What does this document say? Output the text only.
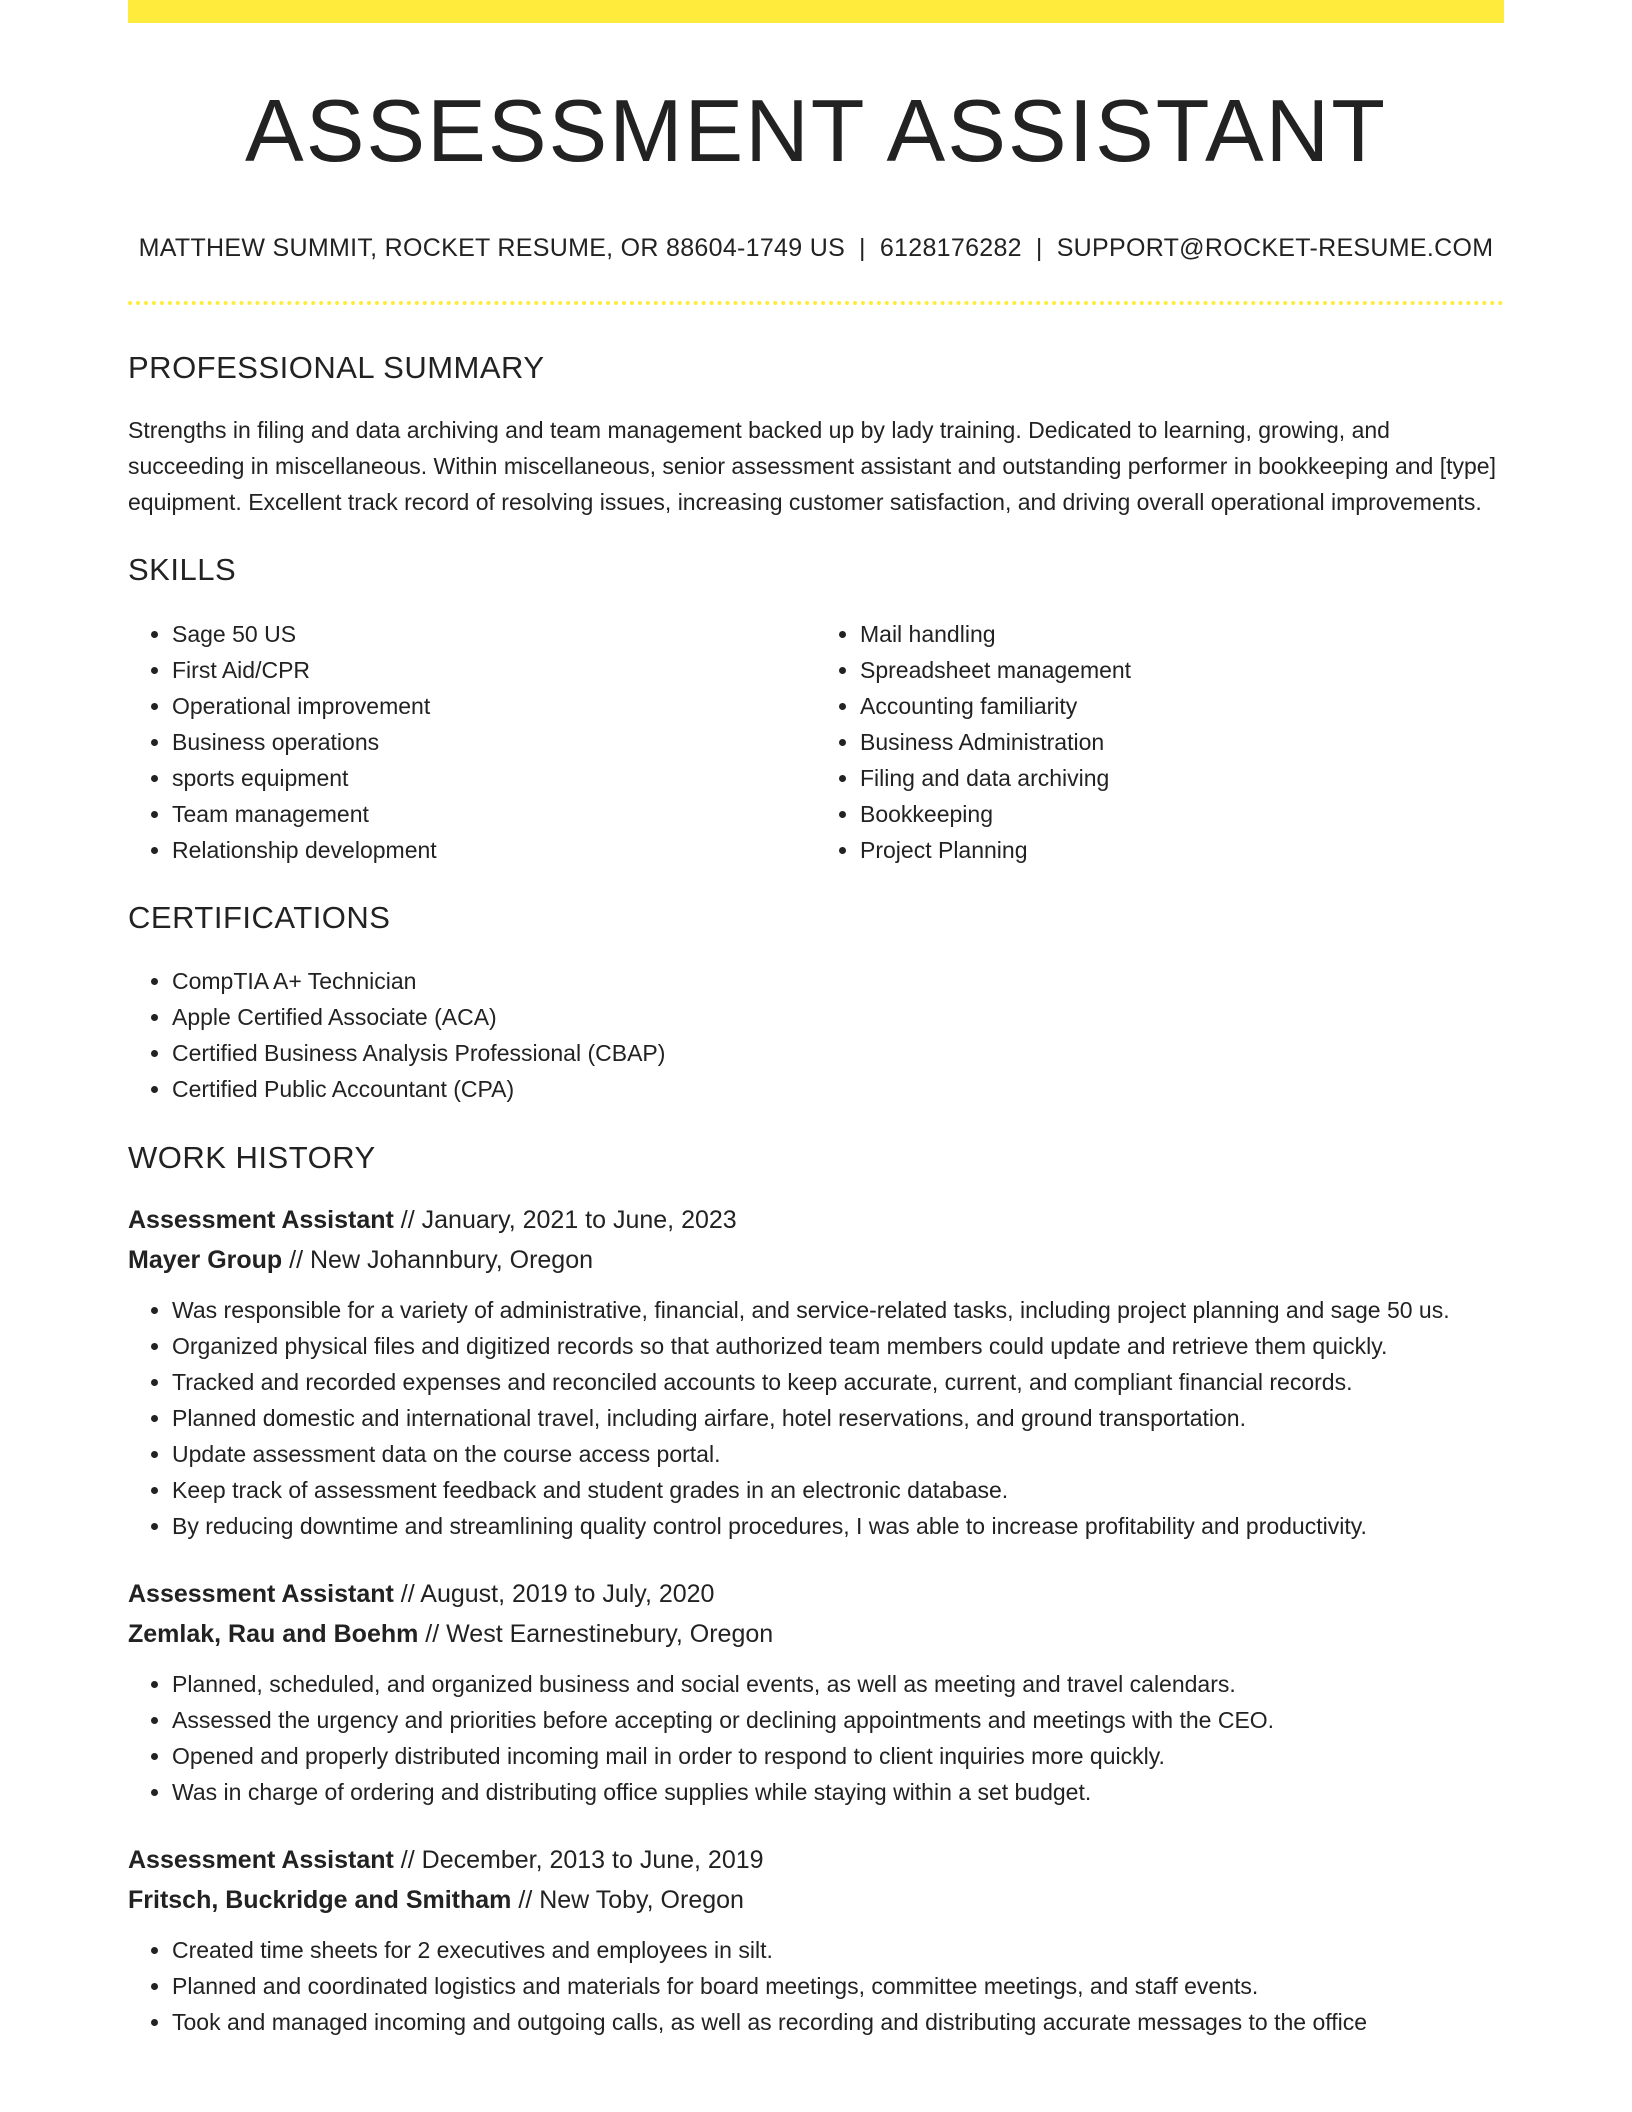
ASSESSMENT ASSISTANT
MATTHEW SUMMIT, ROCKET RESUME, OR 88604-1749 US | 6128176282 | SUPPORT@ROCKET-RESUME.COM
PROFESSIONAL SUMMARY
Strengths in filing and data archiving and team management backed up by lady training. Dedicated to learning, growing, and succeeding in miscellaneous. Within miscellaneous, senior assessment assistant and outstanding performer in bookkeeping and [type] equipment. Excellent track record of resolving issues, increasing customer satisfaction, and driving overall operational improvements.
SKILLS
• Sage 50 US
• First Aid/CPR
• Operational improvement
• Business operations
• sports equipment
• Team management
• Relationship development
• Mail handling
• Spreadsheet management
• Accounting familiarity
• Business Administration
• Filing and data archiving
• Bookkeeping
• Project Planning
CERTIFICATIONS
• CompTIA A+ Technician
• Apple Certified Associate (ACA)
• Certified Business Analysis Professional (CBAP)
• Certified Public Accountant (CPA)
WORK HISTORY
Assessment Assistant // January, 2021 to June, 2023
Mayer Group // New Johannbury, Oregon
• Was responsible for a variety of administrative, financial, and service-related tasks, including project planning and sage 50 us.
• Organized physical files and digitized records so that authorized team members could update and retrieve them quickly.
• Tracked and recorded expenses and reconciled accounts to keep accurate, current, and compliant financial records.
• Planned domestic and international travel, including airfare, hotel reservations, and ground transportation.
• Update assessment data on the course access portal.
• Keep track of assessment feedback and student grades in an electronic database.
• By reducing downtime and streamlining quality control procedures, I was able to increase profitability and productivity.
Assessment Assistant // August, 2019 to July, 2020
Zemlak, Rau and Boehm // West Earnestinebury, Oregon
• Planned, scheduled, and organized business and social events, as well as meeting and travel calendars.
• Assessed the urgency and priorities before accepting or declining appointments and meetings with the CEO.
• Opened and properly distributed incoming mail in order to respond to client inquiries more quickly.
• Was in charge of ordering and distributing office supplies while staying within a set budget.
Assessment Assistant // December, 2013 to June, 2019
Fritsch, Buckridge and Smitham // New Toby, Oregon
• Created time sheets for 2 executives and employees in silt.
• Planned and coordinated logistics and materials for board meetings, committee meetings, and staff events.
• Took and managed incoming and outgoing calls, as well as recording and distributing accurate messages to the office
